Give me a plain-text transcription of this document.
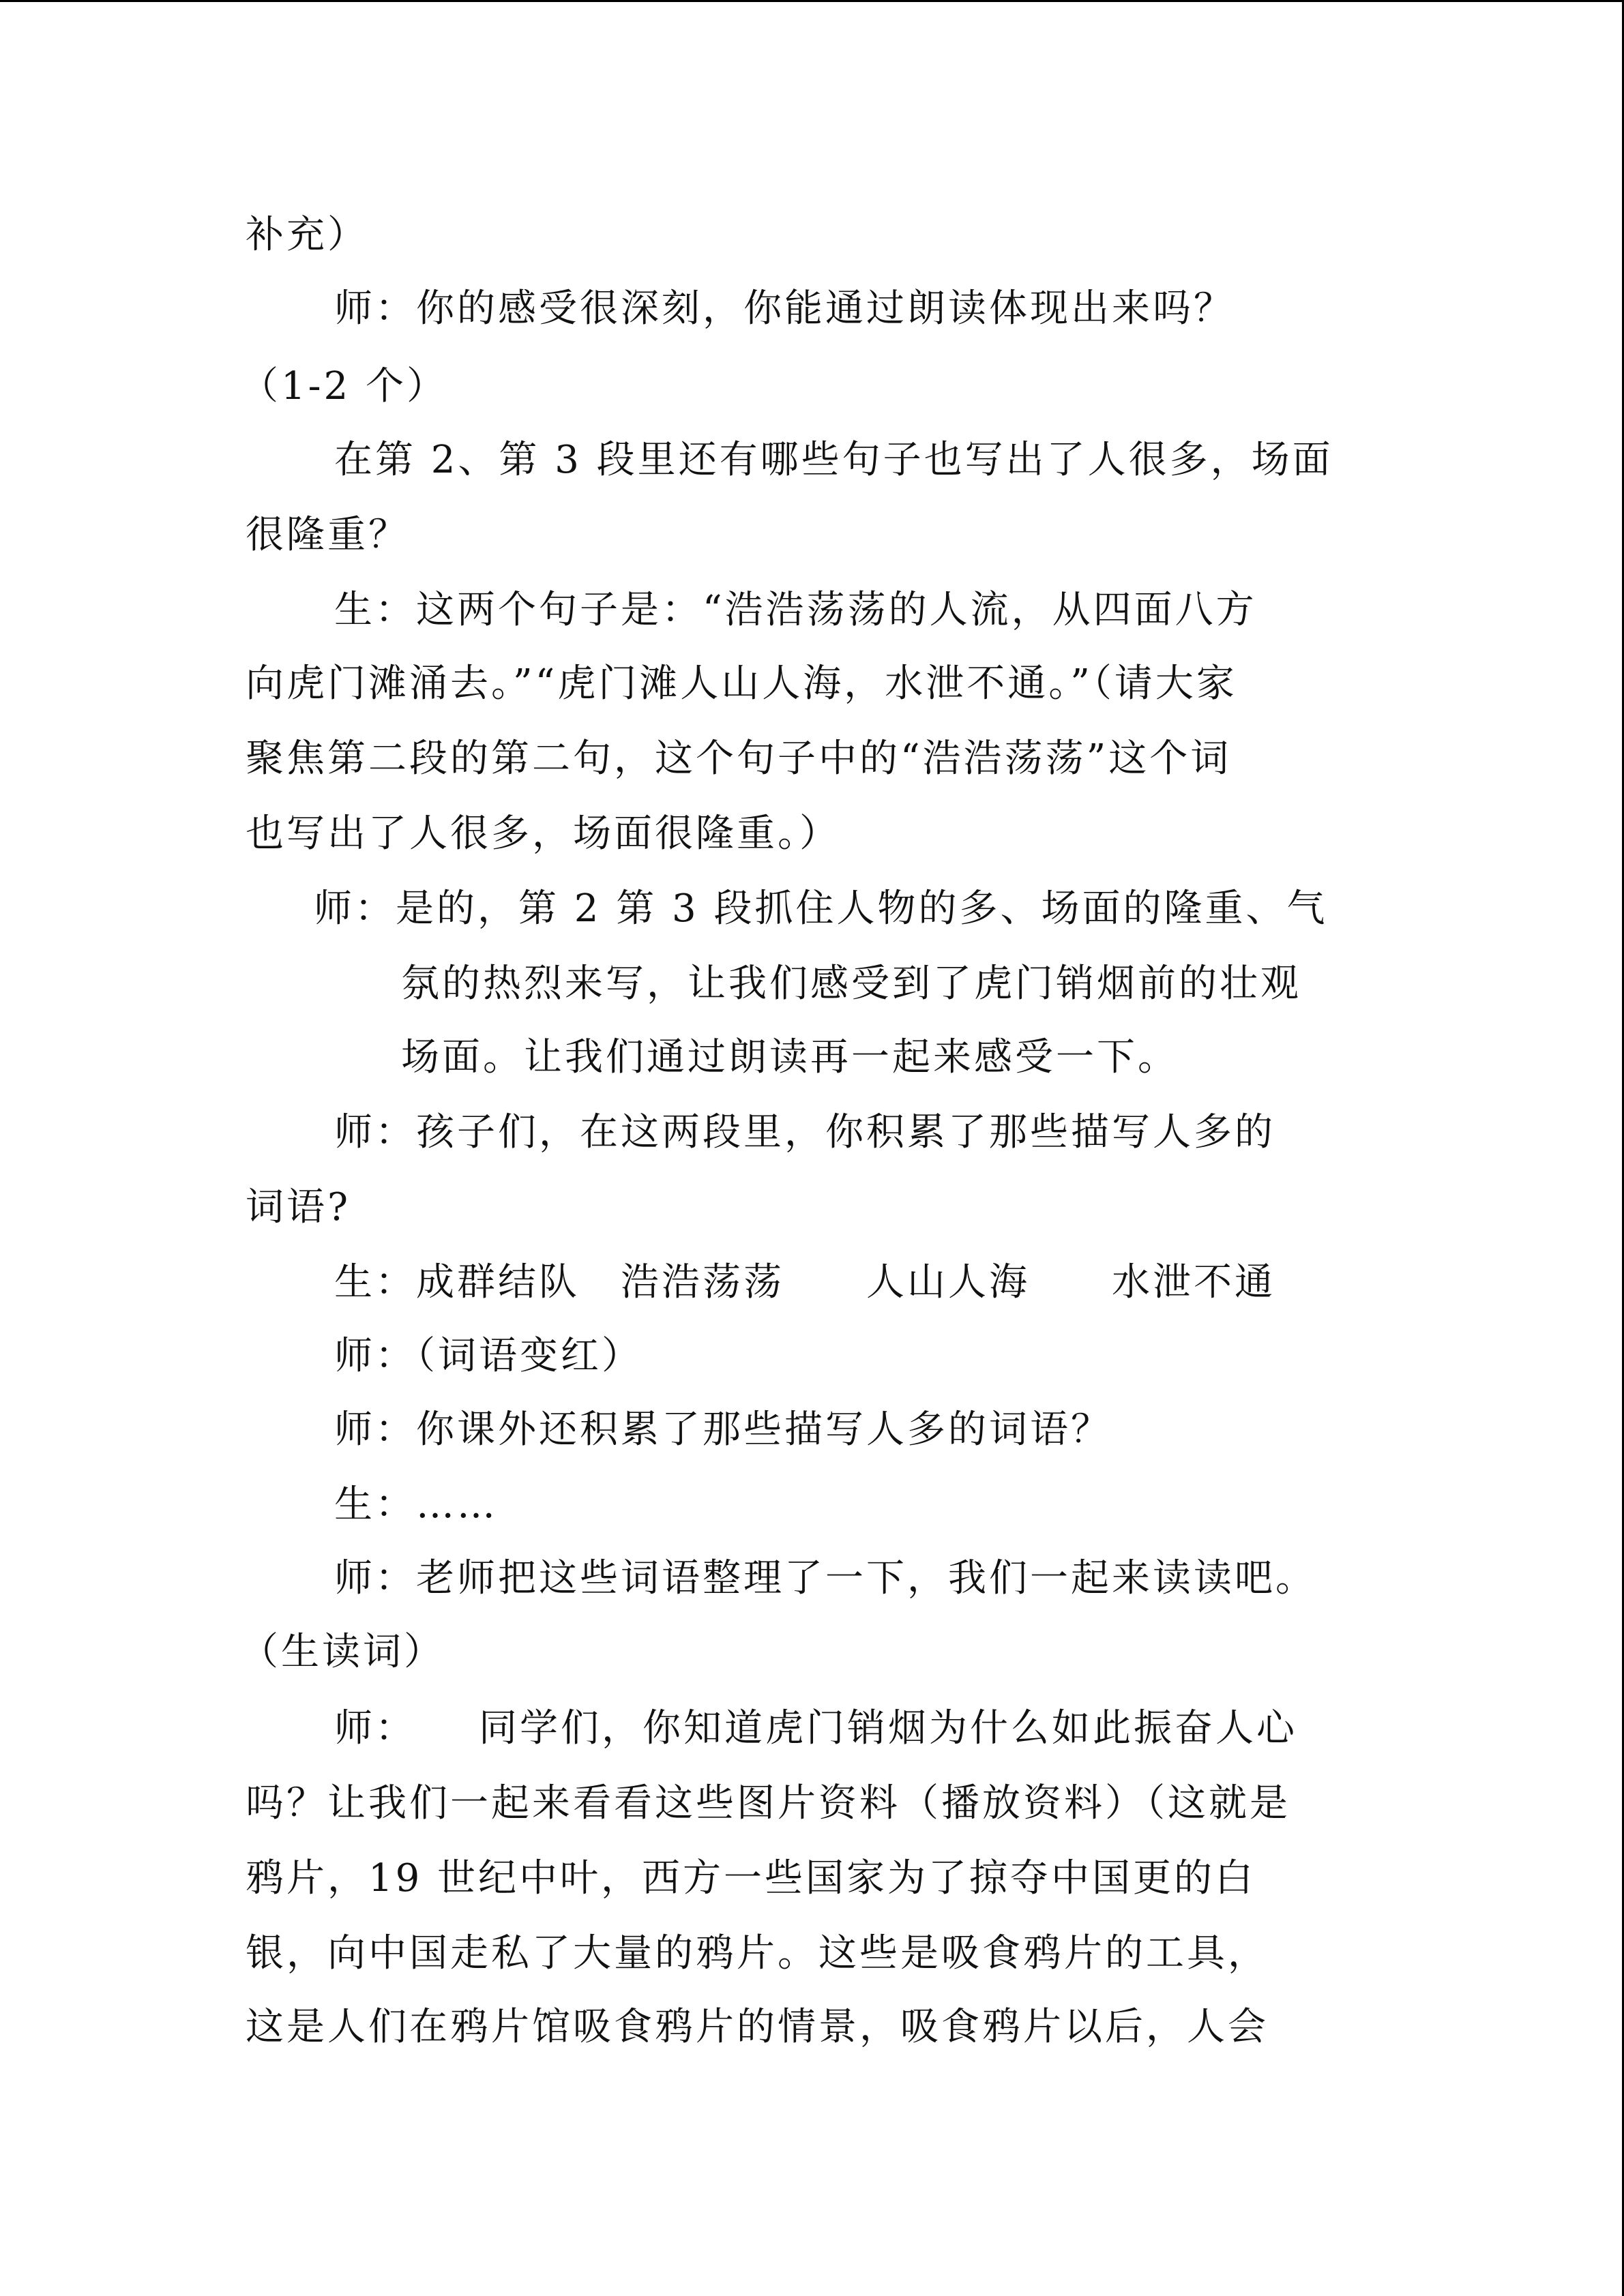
补充）
师：你的感受很深刻，你能通过朗读体现出来吗？
（1-2 个）
在第 2、第 3 段里还有哪些句子也写出了人很多，场面
很隆重？
生：这两个句子是：“浩浩荡荡的人流，从四面八方
向虎门滩涌去。”“虎门滩人山人海，水泄不通。”（请大家
聚焦第二段的第二句，这个句子中的“浩浩荡荡”这个词
也写出了人很多，场面很隆重。）
师：是的，第 2 第 3 段抓住人物的多、场面的隆重、气
氛的热烈来写，让我们感受到了虎门销烟前的壮观
场面。让我们通过朗读再一起来感受一下。
师：孩子们，在这两段里，你积累了那些描写人多的
词语?
生：成群结队　浩浩荡荡　　人山人海　　水泄不通
师：（词语变红）
师：你课外还积累了那些描写人多的词语？
生：……
师：老师把这些词语整理了一下，我们一起来读读吧。
（生读词）
师：　　同学们，你知道虎门销烟为什么如此振奋人心
吗？让我们一起来看看这些图片资料（播放资料）（这就是
鸦片，19 世纪中叶，西方一些国家为了掠夺中国更的白
银，向中国走私了大量的鸦片。这些是吸食鸦片的工具，
这是人们在鸦片馆吸食鸦片的情景，吸食鸦片以后，人会
